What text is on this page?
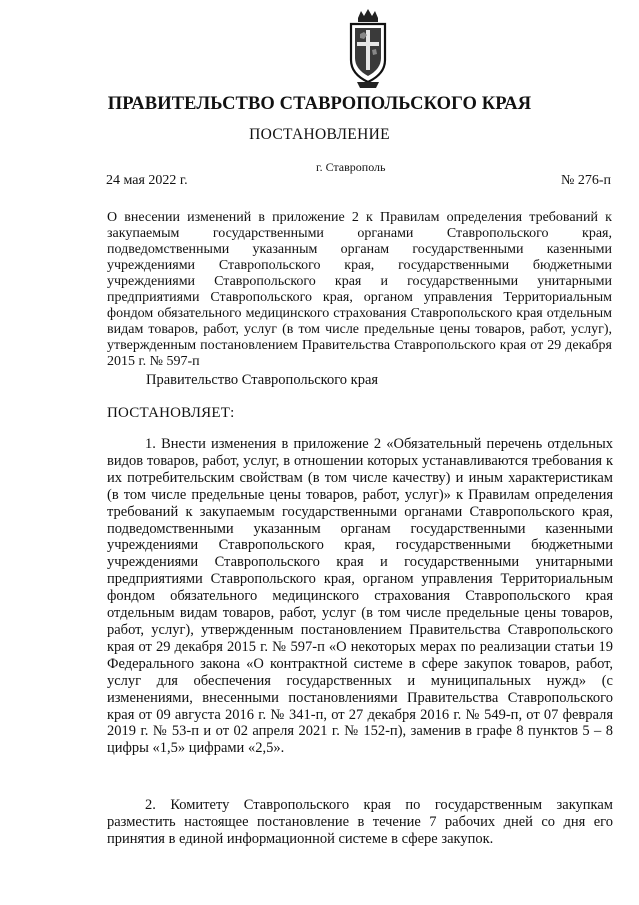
ПРАВИТЕЛЬСТВО СТАВРОПОЛЬСКОГО КРАЯ
ПОСТАНОВЛЕНИЕ
г. Ставрополь
24 мая 2022 г.	№ 276-п
О внесении изменений в приложение 2 к Правилам определения требований к закупаемым государственными органами Ставропольского края, подведомственными указанным органам государственными казенными учреждениями Ставропольского края, государственными бюджетными учреждениями Ставропольского края и государственными унитарными предприятиями Ставропольского края, органом управления Территориальным фондом обязательного медицинского страхования Ставропольского края отдельным видам товаров, работ, услуг (в том числе предельные цены товаров, работ, услуг), утвержденным постановлением Правительства Ставропольского края от 29 декабря 2015 г. № 597-п
Правительство Ставропольского края
ПОСТАНОВЛЯЕТ:
1. Внести изменения в приложение 2 «Обязательный перечень отдельных видов товаров, работ, услуг, в отношении которых устанавливаются требования к их потребительским свойствам (в том числе качеству) и иным характеристикам (в том числе предельные цены товаров, работ, услуг)» к Правилам определения требований к закупаемым государственными органами Ставропольского края, подведомственными указанным органам государственными казенными учреждениями Ставропольского края, государственными бюджетными учреждениями Ставропольского края и государственными унитарными предприятиями Ставропольского края, органом управления Территориальным фондом обязательного медицинского страхования Ставропольского края отдельным видам товаров, работ, услуг (в том числе предельные цены товаров, работ, услуг), утвержденным постановлением Правительства Ставропольского края от 29 декабря 2015 г. № 597-п «О некоторых мерах по реализации статьи 19 Федерального закона «О контрактной системе в сфере закупок товаров, работ, услуг для обеспечения государственных и муниципальных нужд» (с изменениями, внесенными постановлениями Правительства Ставропольского края от 09 августа 2016 г. № 341-п, от 27 декабря 2016 г. № 549-п, от 07 февраля 2019 г. № 53-п и от 02 апреля 2021 г. № 152-п), заменив в графе 8 пунктов 5 – 8 цифры «1,5» цифрами «2,5».
2. Комитету Ставропольского края по государственным закупкам разместить настоящее постановление в течение 7 рабочих дней со дня его принятия в единой информационной системе в сфере закупок.
